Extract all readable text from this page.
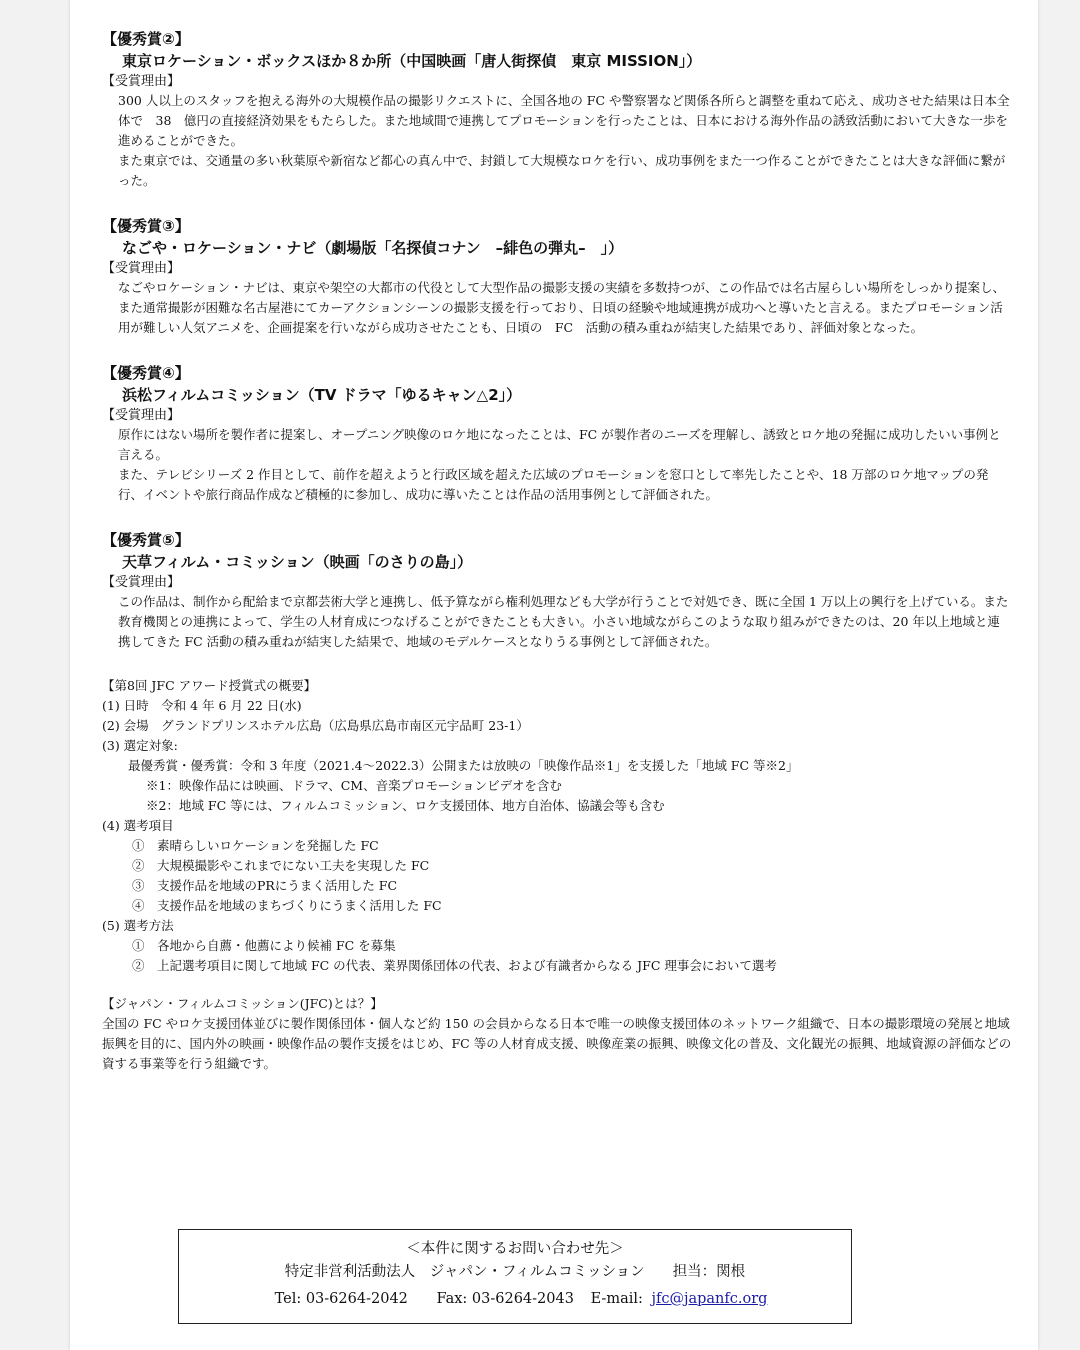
【優秀賞②】
東京ロケーション・ボックスほか８か所（中国映画「唐人街探偵　東京 MISSION」）
【受賞理由】

300 人以上のスタッフを抱える海外の大規模作品の撮影リクエストに、全国各地の FC や警察署など関係各所らと調整を重ねて応え、成功させた結果は日本全体で　38　億円の直接経済効果をもたらした。また地域間で連携してプロモーションを行ったことは、日本における海外作品の誘致活動において大きな一歩を進めることができた。

また東京では、交通量の多い秋葉原や新宿など都心の真ん中で、封鎖して大規模なロケを行い、成功事例をまた一つ作ることができたことは大きな評価に繋がった。

【優秀賞③】
なごや・ロケーション・ナビ（劇場版「名探偵コナン　–緋色の弾丸–　」）
【受賞理由】

なごやロケーション・ナビは、東京や架空の大都市の代役として大型作品の撮影支援の実績を多数持つが、この作品では名古屋らしい場所をしっかり提案し、また通常撮影が困難な名古屋港にてカーアクションシーンの撮影支援を行っており、日頃の経験や地域連携が成功へと導いたと言える。またプロモーション活用が難しい人気アニメを、企画提案を行いながら成功させたことも、日頃の　FC　活動の積み重ねが結実した結果であり、評価対象となった。

【優秀賞④】
浜松フィルムコミッション（TV ドラマ「ゆるキャン△2」）
【受賞理由】

原作にはない場所を製作者に提案し、オープニング映像のロケ地になったことは、FC が製作者のニーズを理解し、誘致とロケ地の発掘に成功したいい事例と言える。

また、テレビシリーズ 2 作目として、前作を超えようと行政区域を超えた広域のプロモーションを窓口として率先したことや、18 万部のロケ地マップの発行、イベントや旅行商品作成など積極的に参加し、成功に導いたことは作品の活用事例として評価された。

【優秀賞⑤】
天草フィルム・コミッション（映画「のさりの島」）
【受賞理由】

この作品は、制作から配給まで京都芸術大学と連携し、低予算ながら権利処理なども大学が行うことで対処でき、既に全国 1 万以上の興行を上げている。また教育機関との連携によって、学生の人材育成につなげることができたことも大きい。小さい地域ながらこのような取り組みができたのは、20 年以上地域と連携してきた FC 活動の積み重ねが結実した結果で、地域のモデルケースとなりうる事例として評価された。

【第8回 JFC アワード授賞式の概要】
(1) 日時　令和 4 年 6 月 22 日(水)
(2) 会場　グランドプリンスホテル広島（広島県広島市南区元宇品町 23-1）
(3) 選定対象:
最優秀賞・優秀賞：令和 3 年度（2021.4～2022.3）公開または放映の「映像作品※1」を支援した「地域 FC 等※2」
※1：映像作品には映画、ドラマ、CM、音楽プロモーションビデオを含む
※2：地域 FC 等には、フィルムコミッション、ロケ支援団体、地方自治体、協議会等も含む
(4) 選考項目
①　素晴らしいロケーションを発掘した FC
②　大規模撮影やこれまでにない工夫を実現した FC
③　支援作品を地域のPRにうまく活用した FC
④　支援作品を地域のまちづくりにうまく活用した FC
(5) 選考方法
①　各地から自薦・他薦により候補 FC を募集
②　上記選考項目に関して地域 FC の代表、業界関係団体の代表、および有識者からなる JFC 理事会において選考
【ジャパン・フィルムコミッション(JFC)とは？】
全国の FC やロケ支援団体並びに製作関係団体・個人など約 150 の会員からなる日本で唯一の映像支援団体のネットワーク組織で、日本の撮影環境の発展と地域振興を目的に、国内外の映画・映像作品の製作支援をはじめ、FC 等の人材育成支援、映像産業の振興、映像文化の普及、文化観光の振興、地域資源の評価などの資する事業等を行う組織です。
＜本件に関するお問い合わせ先＞
特定非営利活動法人　ジャパン・フィルムコミッション 担当：関根
Tel: 03-6264-2042 Fax: 03-6264-2043 E-mail: jfc@japanfc.org
